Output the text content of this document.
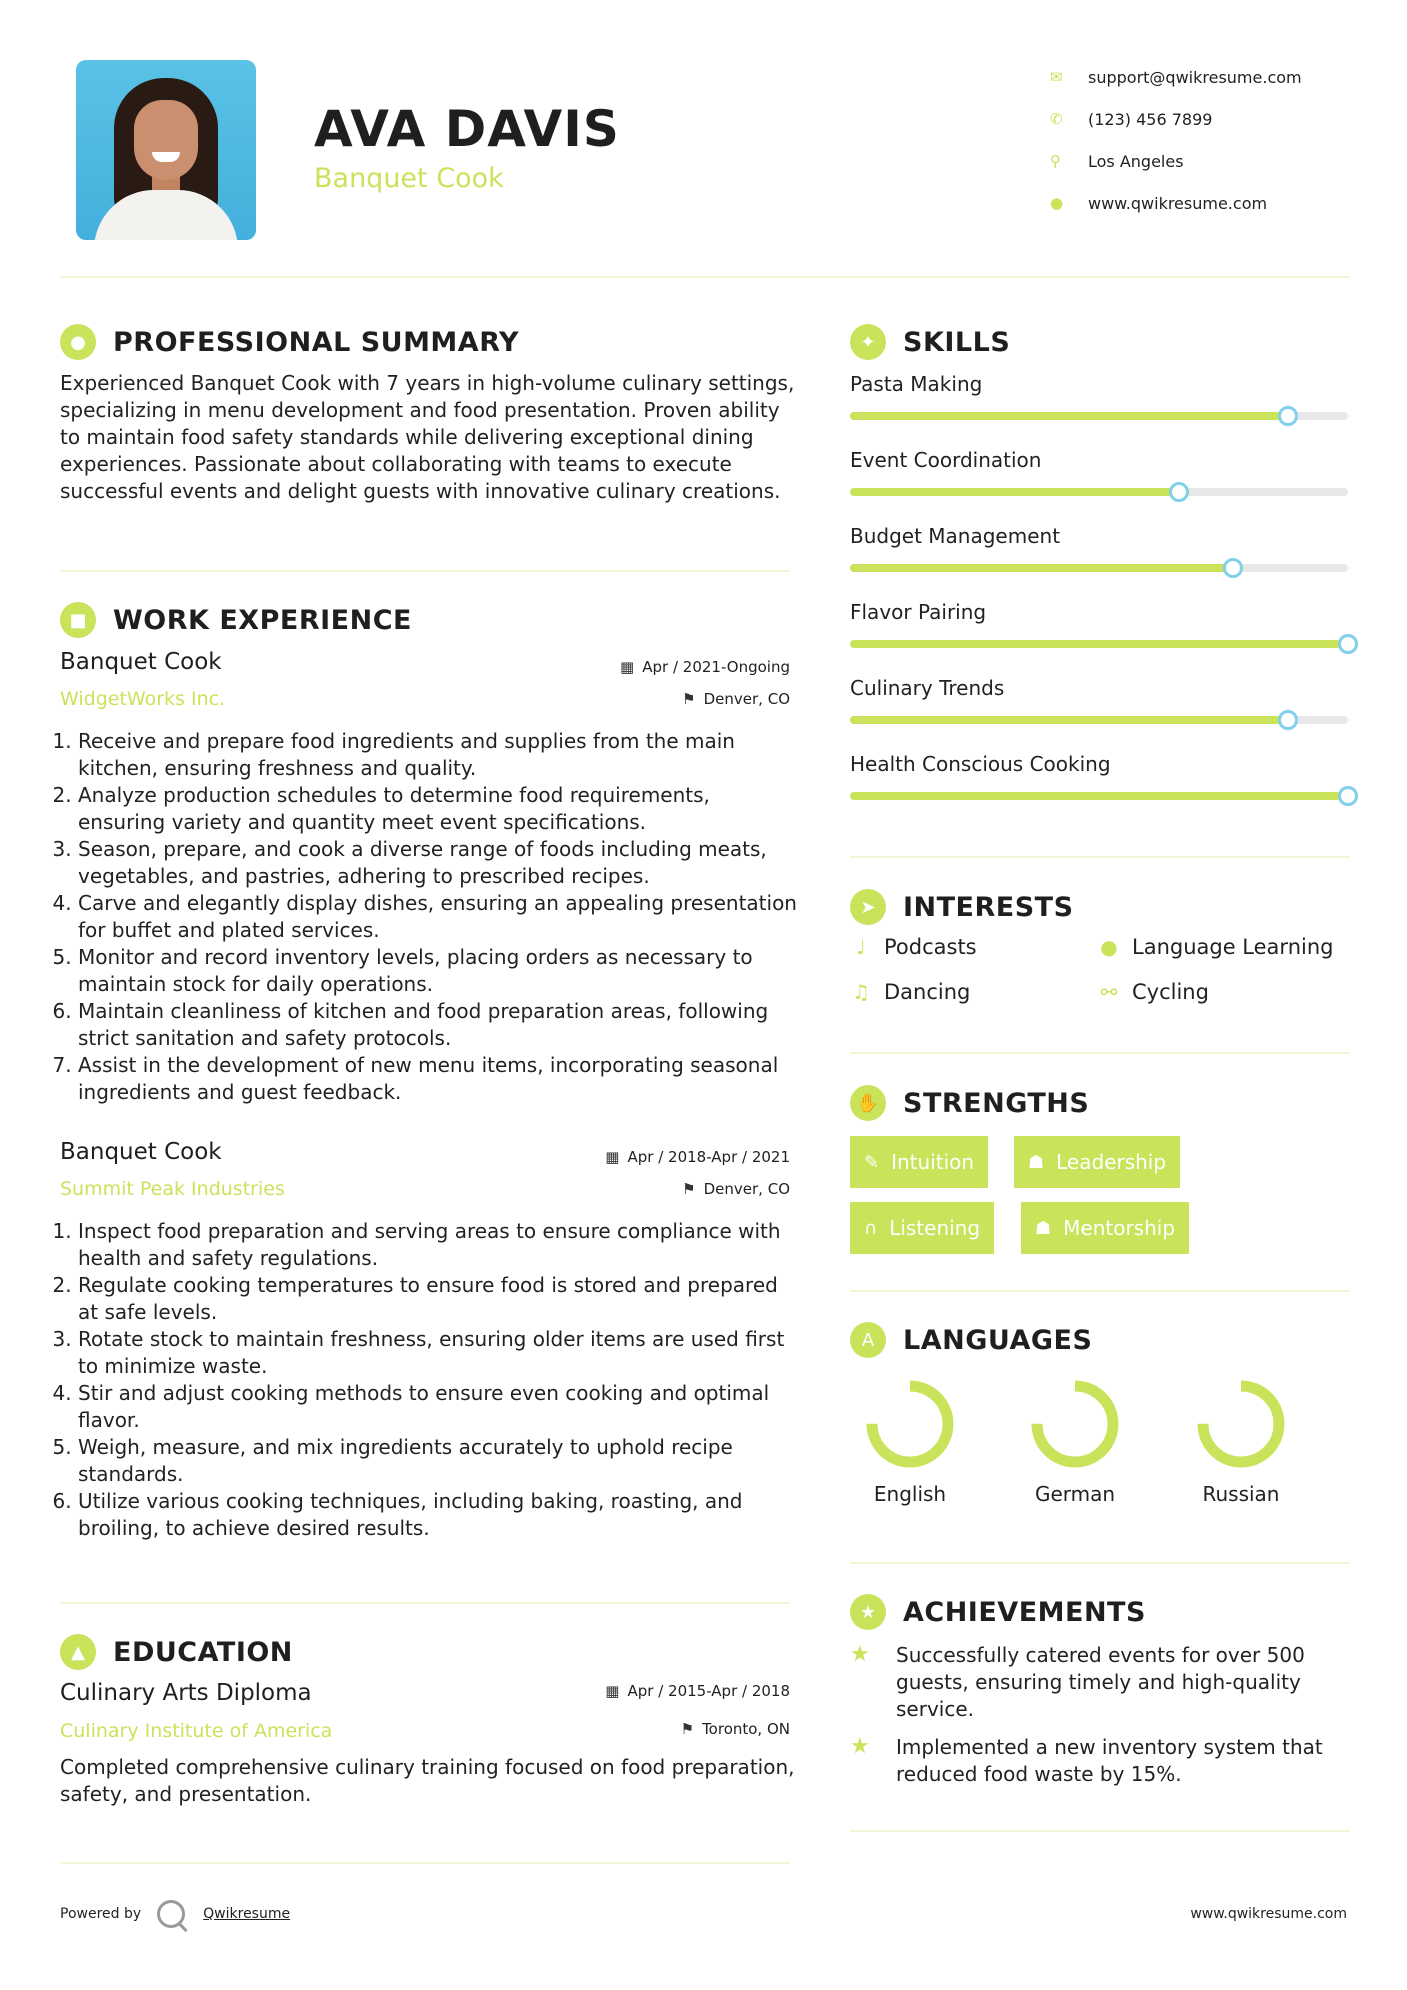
AVA DAVIS
Banquet Cook
✉	support@qwikresume.com
✆	(123) 456 7899
⚲	Los Angeles
●	www.qwikresume.com
●	PROFESSIONAL SUMMARY
Experienced Banquet Cook with 7 years in high-volume culinary settings, specializing in menu development and food presentation. Proven ability to maintain food safety standards while delivering exceptional dining experiences. Passionate about collaborating with teams to execute successful events and delight guests with innovative culinary creations.
■ WORK EXPERIENCE
Banquet Cook
WidgetWorks Inc.
▦ Apr / 2021-Ongoing
⚑ Denver, CO
1. Receive and prepare food ingredients and supplies from the main kitchen, ensuring freshness and quality.
2. Analyze production schedules to determine food requirements, ensuring variety and quantity meet event specifications.
3. Season, prepare, and cook a diverse range of foods including meats, vegetables, and pastries, adhering to prescribed recipes.
4. Carve and elegantly display dishes, ensuring an appealing presentation for buffet and plated services.
5. Monitor and record inventory levels, placing orders as necessary to maintain stock for daily operations.
6. Maintain cleanliness of kitchen and food preparation areas, following strict sanitation and safety protocols.
7. Assist in the development of new menu items, incorporating seasonal ingredients and guest feedback.
Banquet Cook
Summit Peak Industries
▦ Apr / 2018-Apr / 2021
⚑ Denver, CO
1. Inspect food preparation and serving areas to ensure compliance with health and safety regulations.
2. Regulate cooking temperatures to ensure food is stored and prepared at safe levels.
3. Rotate stock to maintain freshness, ensuring older items are used first to minimize waste.
4. Stir and adjust cooking methods to ensure even cooking and optimal flavor.
5. Weigh, measure, and mix ingredients accurately to uphold recipe standards.
6. Utilize various cooking techniques, including baking, roasting, and broiling, to achieve desired results.
▲	EDUCATION
Culinary Arts Diploma
Culinary Institute of America
▦ Apr / 2015-Apr / 2018
⚑ Toronto, ON
Completed comprehensive culinary training focused on food preparation, safety, and presentation.
✦	SKILLS
Pasta Making
Event Coordination
Budget Management
Flavor Pairing
Culinary Trends
Health Conscious Cooking
➤	INTERESTS
♩ Podcasts	● Language Learning
♫ Dancing	⚯ Cycling
✋ STRENGTHS
✎ Intuition	☗ Leadership
∩ Listening	☗ Mentorship
A	LANGUAGES
English	German	Russian
★ ACHIEVEMENTS
★	Successfully catered events for over 500 guests, ensuring timely and high-quality service.
★	Implemented a new inventory system that reduced food waste by 15%.
Powered by	Qwikresume	www.qwikresume.com
